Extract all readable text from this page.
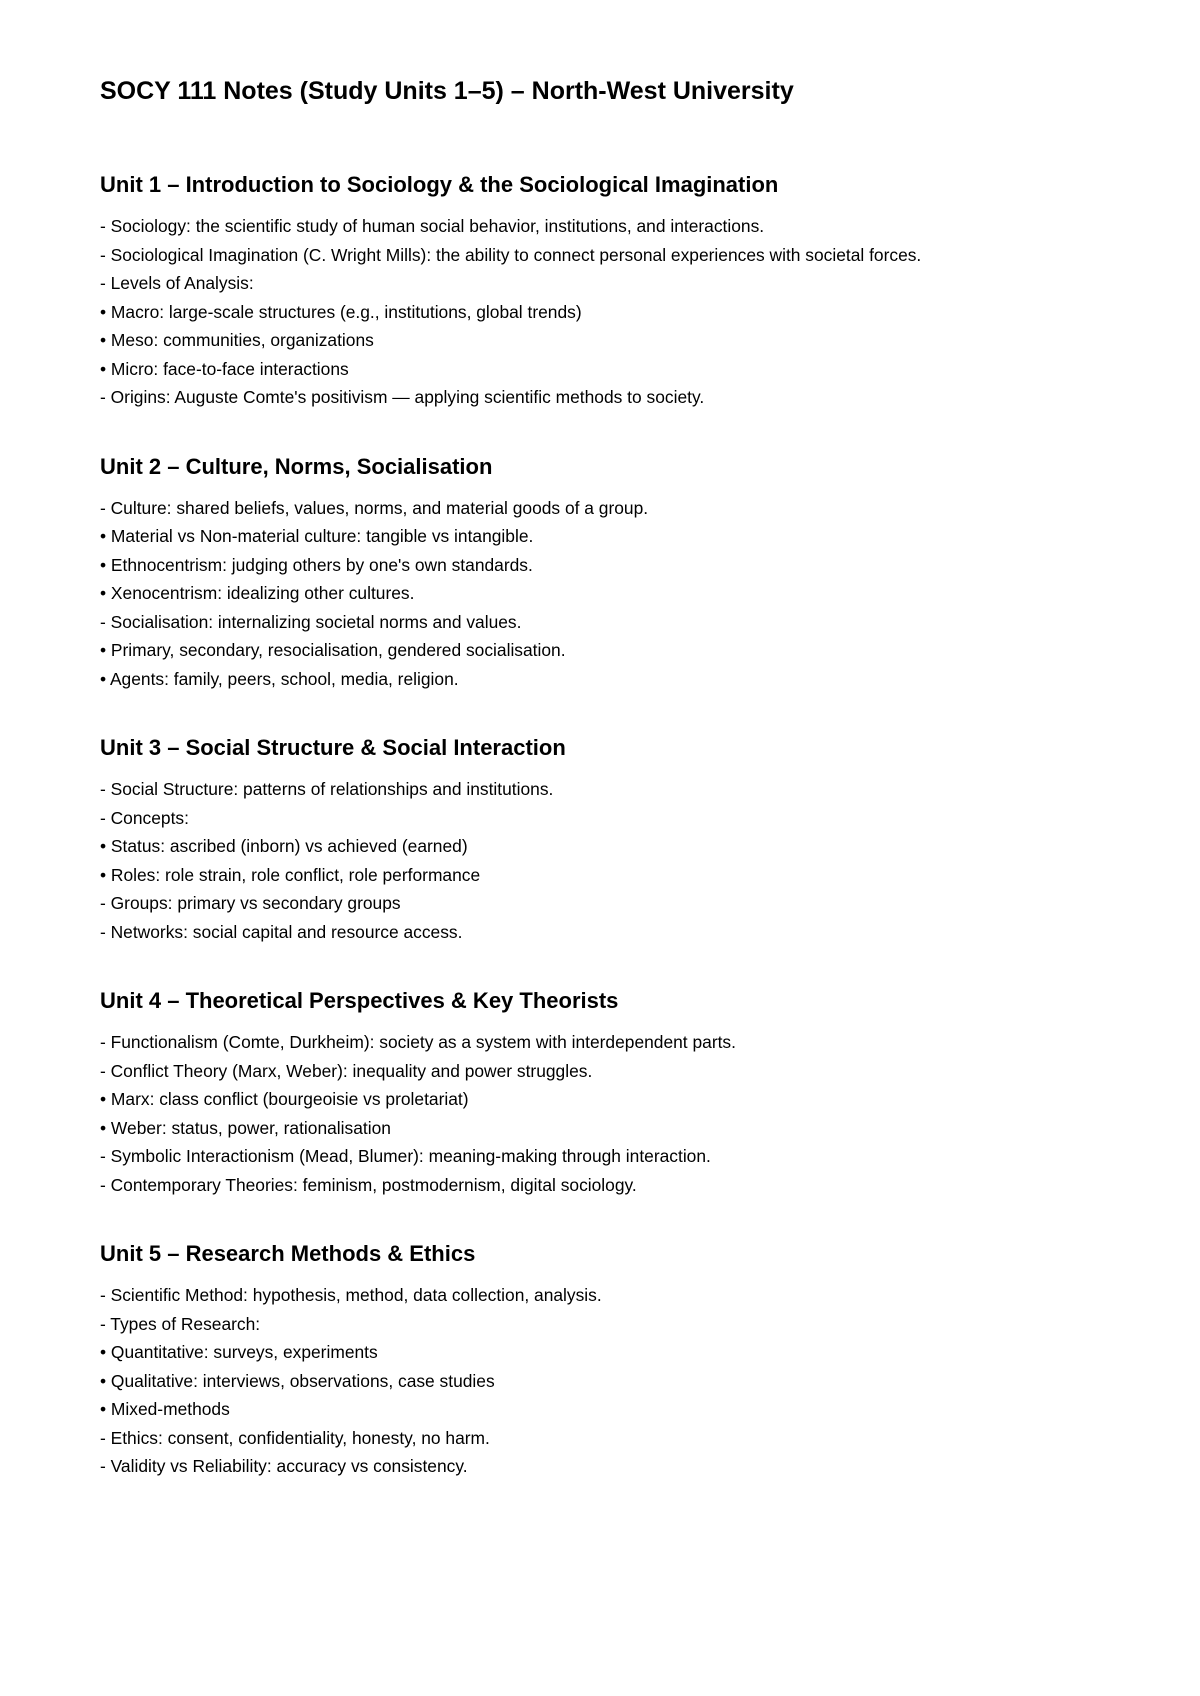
SOCY 111 Notes (Study Units 1–5) – North-West University
Unit 1 – Introduction to Sociology & the Sociological Imagination
- Sociology: the scientific study of human social behavior, institutions, and interactions.
- Sociological Imagination (C. Wright Mills): the ability to connect personal experiences with societal forces.
- Levels of Analysis:
• Macro: large-scale structures (e.g., institutions, global trends)
• Meso: communities, organizations
• Micro: face-to-face interactions
- Origins: Auguste Comte's positivism — applying scientific methods to society.
Unit 2 – Culture, Norms, Socialisation
- Culture: shared beliefs, values, norms, and material goods of a group.
• Material vs Non-material culture: tangible vs intangible.
• Ethnocentrism: judging others by one's own standards.
• Xenocentrism: idealizing other cultures.
- Socialisation: internalizing societal norms and values.
• Primary, secondary, resocialisation, gendered socialisation.
• Agents: family, peers, school, media, religion.
Unit 3 – Social Structure & Social Interaction
- Social Structure: patterns of relationships and institutions.
- Concepts:
• Status: ascribed (inborn) vs achieved (earned)
• Roles: role strain, role conflict, role performance
- Groups: primary vs secondary groups
- Networks: social capital and resource access.
Unit 4 – Theoretical Perspectives & Key Theorists
- Functionalism (Comte, Durkheim): society as a system with interdependent parts.
- Conflict Theory (Marx, Weber): inequality and power struggles.
• Marx: class conflict (bourgeoisie vs proletariat)
• Weber: status, power, rationalisation
- Symbolic Interactionism (Mead, Blumer): meaning-making through interaction.
- Contemporary Theories: feminism, postmodernism, digital sociology.
Unit 5 – Research Methods & Ethics
- Scientific Method: hypothesis, method, data collection, analysis.
- Types of Research:
• Quantitative: surveys, experiments
• Qualitative: interviews, observations, case studies
• Mixed-methods
- Ethics: consent, confidentiality, honesty, no harm.
- Validity vs Reliability: accuracy vs consistency.
